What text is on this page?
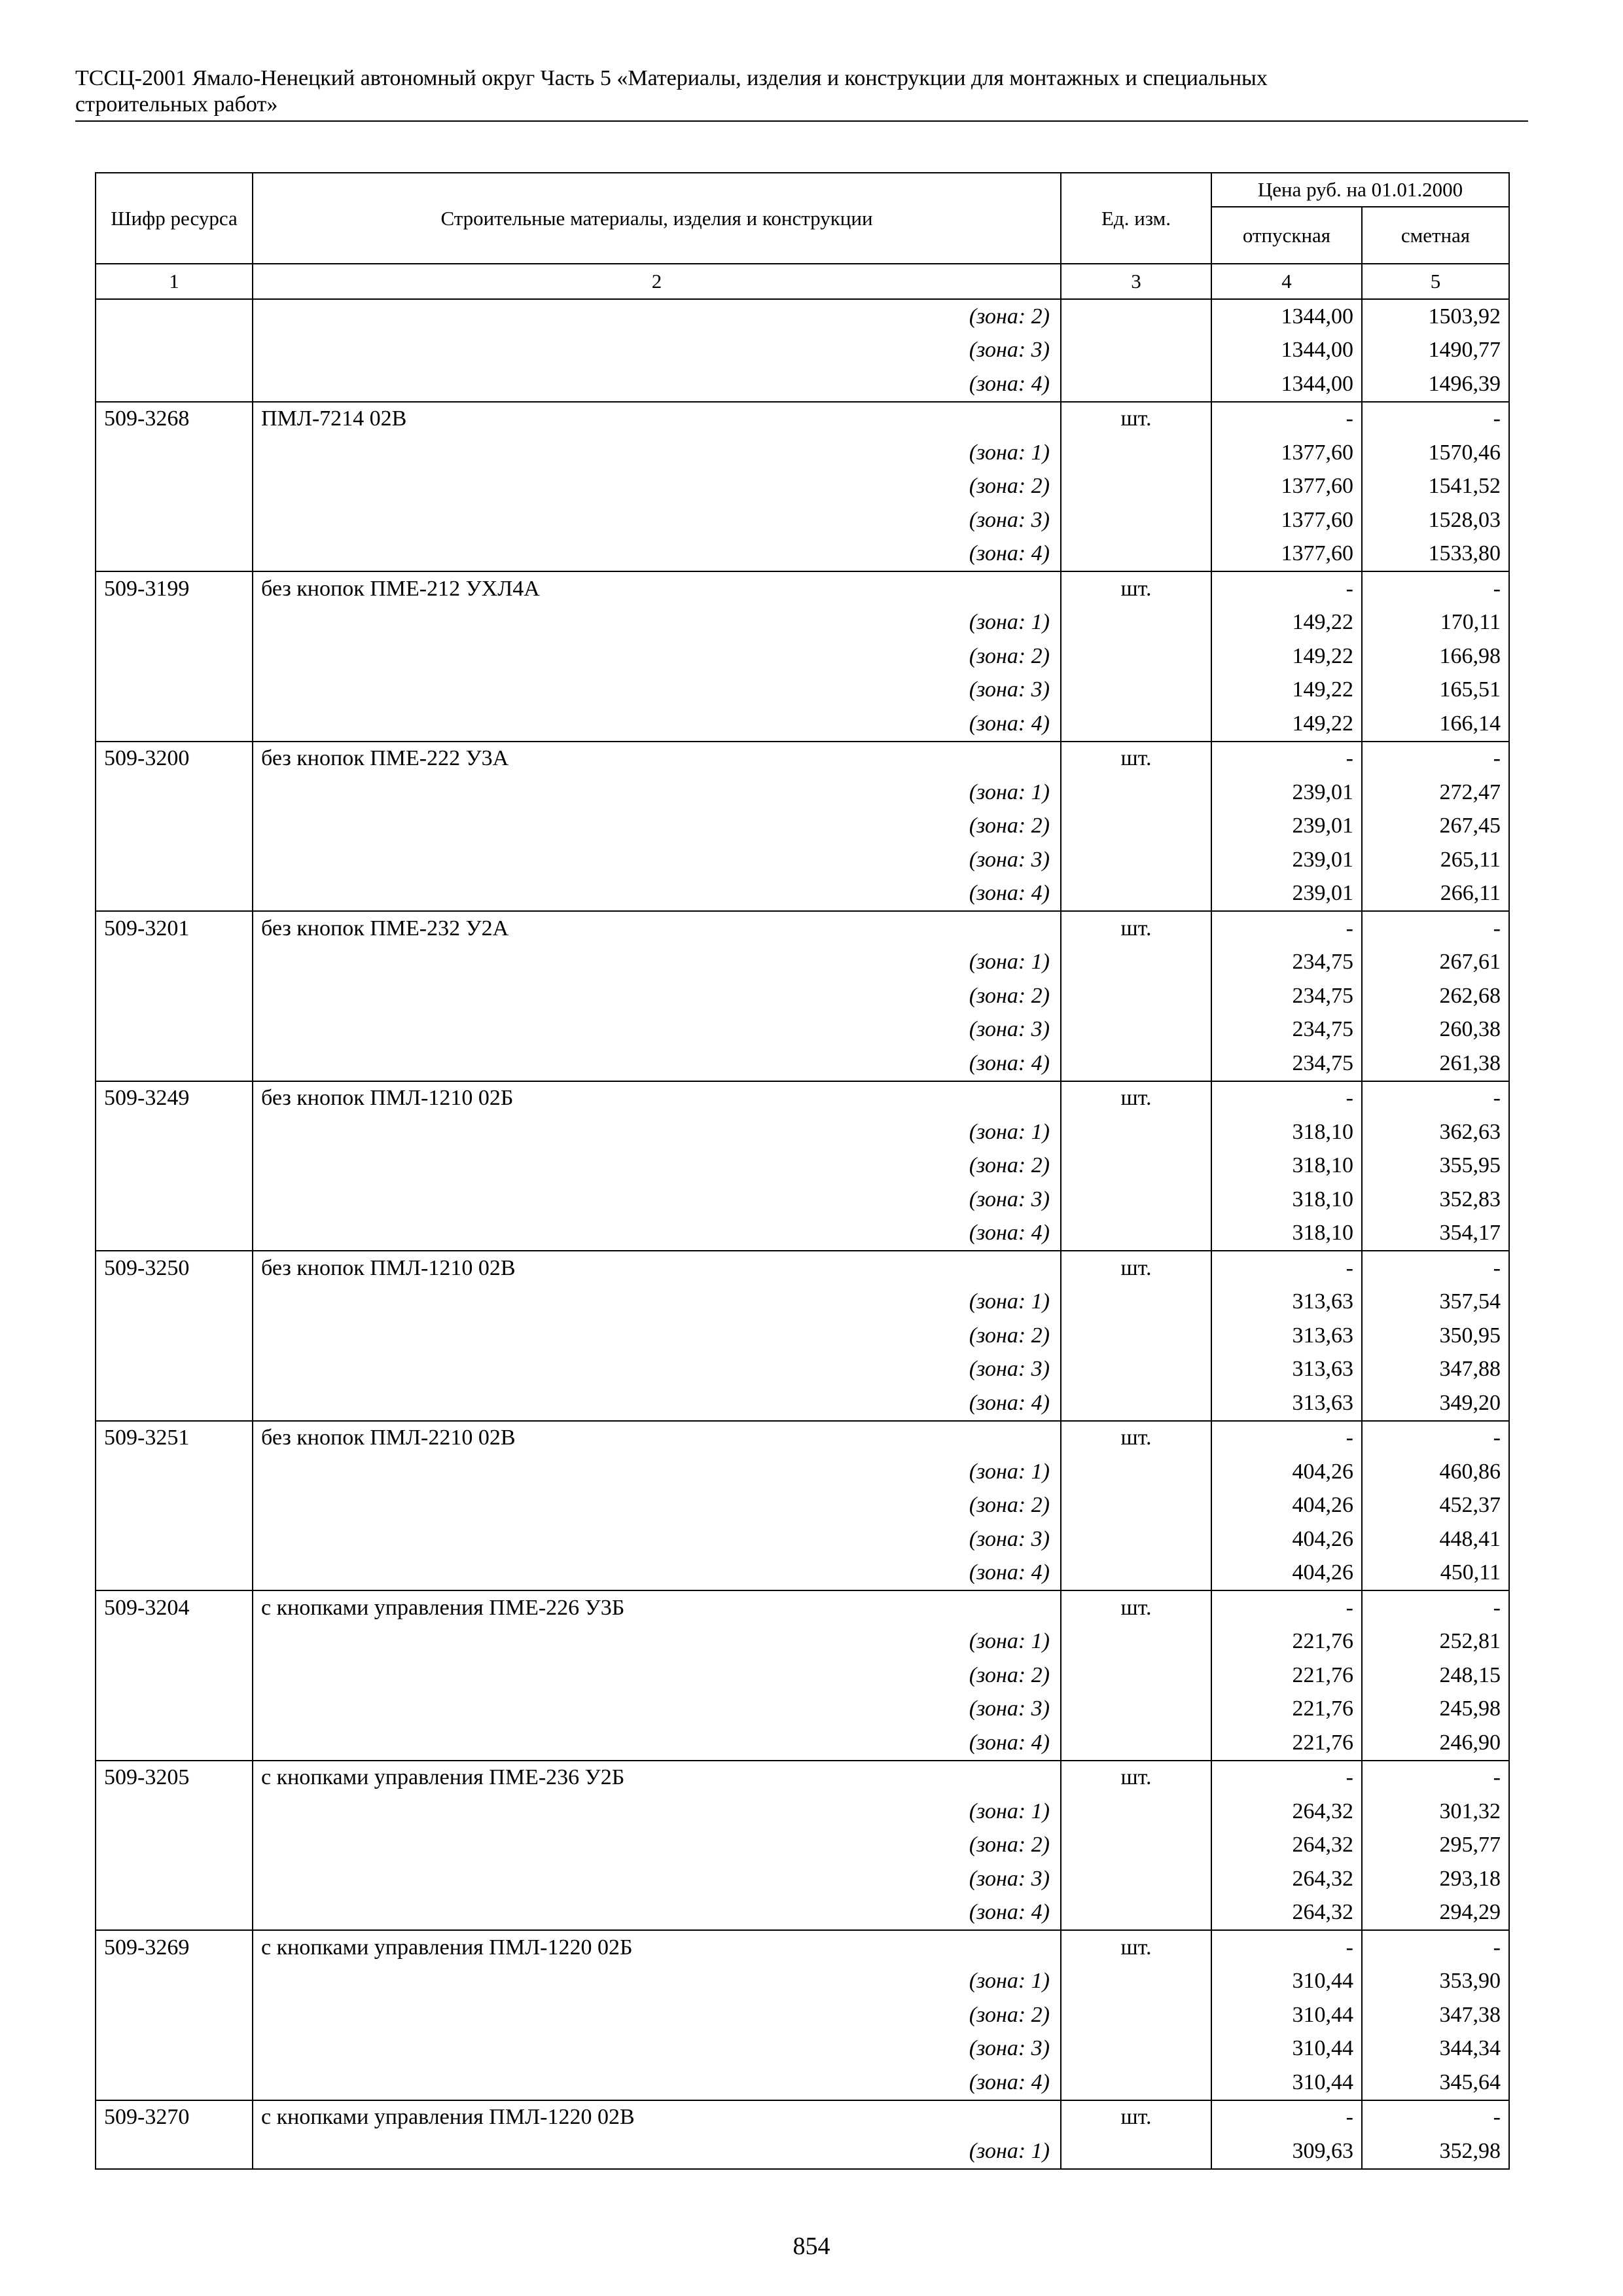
ТССЦ-2001 Ямало-Ненецкий автономный округ Часть 5 «Материалы, изделия и конструкции для монтажных и специальных
строительных работ»
Шифр ресурса	Строительные материалы, изделия и конструкции	Ед. изм.	Цена руб. на 01.01.2000	
			отпускная	сметная
1	2	3	4	5
	(зона: 2)		1344,00	1503,92
	(зона: 3)		1344,00	1490,77
	(зона: 4)		1344,00	1496,39
509-3268	ПМЛ-7214 02В	шт.	-	-
	(зона: 1)		1377,60	1570,46
	(зона: 2)		1377,60	1541,52
	(зона: 3)		1377,60	1528,03
	(зона: 4)		1377,60	1533,80
509-3199	без кнопок ПМЕ-212 УХЛ4А	шт.	-	-
	(зона: 1)		149,22	170,11
	(зона: 2)		149,22	166,98
	(зона: 3)		149,22	165,51
	(зона: 4)		149,22	166,14
509-3200	без кнопок ПМЕ-222 У3А	шт.	-	-
	(зона: 1)		239,01	272,47
	(зона: 2)		239,01	267,45
	(зона: 3)		239,01	265,11
	(зона: 4)		239,01	266,11
509-3201	без кнопок ПМЕ-232 У2А	шт.	-	-
	(зона: 1)		234,75	267,61
	(зона: 2)		234,75	262,68
	(зона: 3)		234,75	260,38
	(зона: 4)		234,75	261,38
509-3249	без кнопок ПМЛ-1210 02Б	шт.	-	-
	(зона: 1)		318,10	362,63
	(зона: 2)		318,10	355,95
	(зона: 3)		318,10	352,83
	(зона: 4)		318,10	354,17
509-3250	без кнопок ПМЛ-1210 02В	шт.	-	-
	(зона: 1)		313,63	357,54
	(зона: 2)		313,63	350,95
	(зона: 3)		313,63	347,88
	(зона: 4)		313,63	349,20
509-3251	без кнопок ПМЛ-2210 02В	шт.	-	-
	(зона: 1)		404,26	460,86
	(зона: 2)		404,26	452,37
	(зона: 3)		404,26	448,41
	(зона: 4)		404,26	450,11
509-3204	с кнопками управления ПМЕ-226 У3Б	шт.	-	-
	(зона: 1)		221,76	252,81
	(зона: 2)		221,76	248,15
	(зона: 3)		221,76	245,98
	(зона: 4)		221,76	246,90
509-3205	с кнопками управления ПМЕ-236 У2Б	шт.	-	-
	(зона: 1)		264,32	301,32
	(зона: 2)		264,32	295,77
	(зона: 3)		264,32	293,18
	(зона: 4)		264,32	294,29
509-3269	с кнопками управления ПМЛ-1220 02Б	шт.	-	-
	(зона: 1)		310,44	353,90
	(зона: 2)		310,44	347,38
	(зона: 3)		310,44	344,34
	(зона: 4)		310,44	345,64
509-3270	с кнопками управления ПМЛ-1220 02В	шт.	-	-
	(зона: 1)		309,63	352,98
854
